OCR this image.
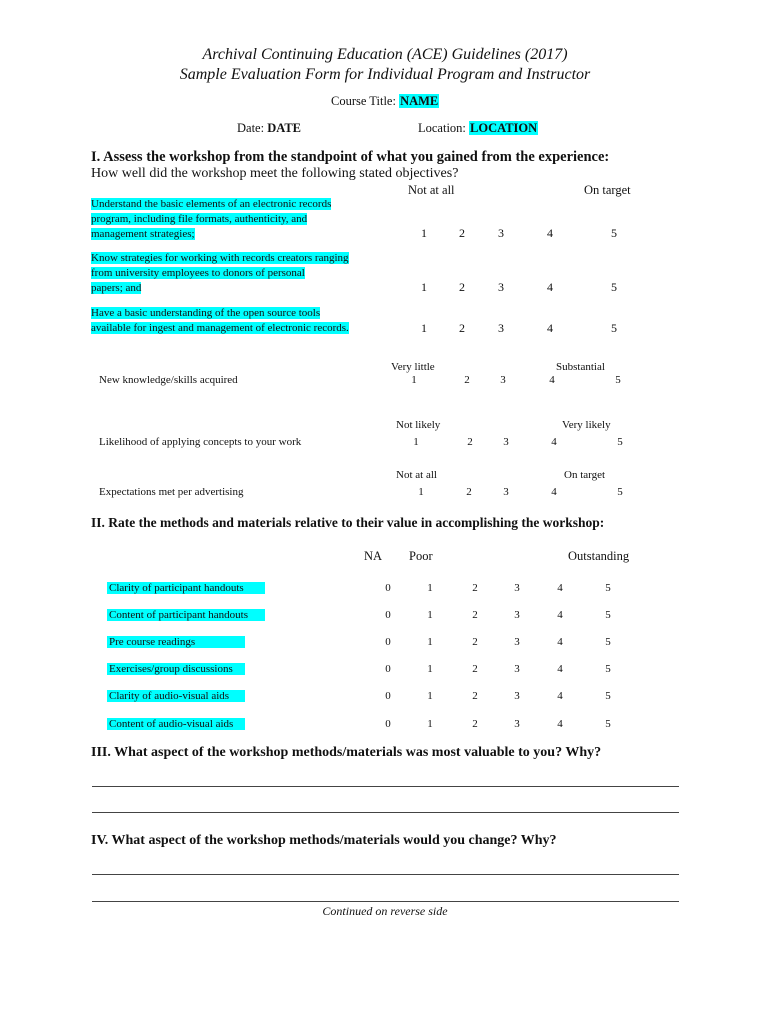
Archival Continuing Education (ACE) Guidelines (2017)
Sample Evaluation Form for Individual Program and Instructor
Course Title: NAME
Date: DATE	Location: LOCATION
I. Assess the workshop from the standpoint of what you gained from the experience:
How well did the workshop meet the following stated objectives?
Not at all	On target
Understand the basic elements of an electronic records
program, including file formats, authenticity, and
management strategies;	1	2	3	4	5
Know strategies for working with records creators ranging
from university employees to donors of personal
papers; and	1	2	3	4	5
Have a basic understanding of the open source tools
available for ingest and management of electronic records.	1	2	3	4	5
Very little	Substantial
New knowledge/skills acquired	1	2	3	4	5
Not likely	Very likely
Likelihood of applying concepts to your work	1	2	3	4	5
Not at all	On target
Expectations met per advertising	1	2	3	4	5
II. Rate the methods and materials relative to their value in accomplishing the workshop:
NA Poor	Outstanding
Clarity of participant handouts	0	1	2	3	4	5
Content of participant handouts	0	1	2	3	4	5
Pre course readings	0	1	2	3	4	5
Exercises/group discussions	0	1	2	3	4	5
Clarity of audio-visual aids	0	1	2	3	4	5
Content of audio-visual aids	0	1	2	3	4	5
III. What aspect of the workshop methods/materials was most valuable to you? Why?
IV. What aspect of the workshop methods/materials would you change? Why?
Continued on reverse side
